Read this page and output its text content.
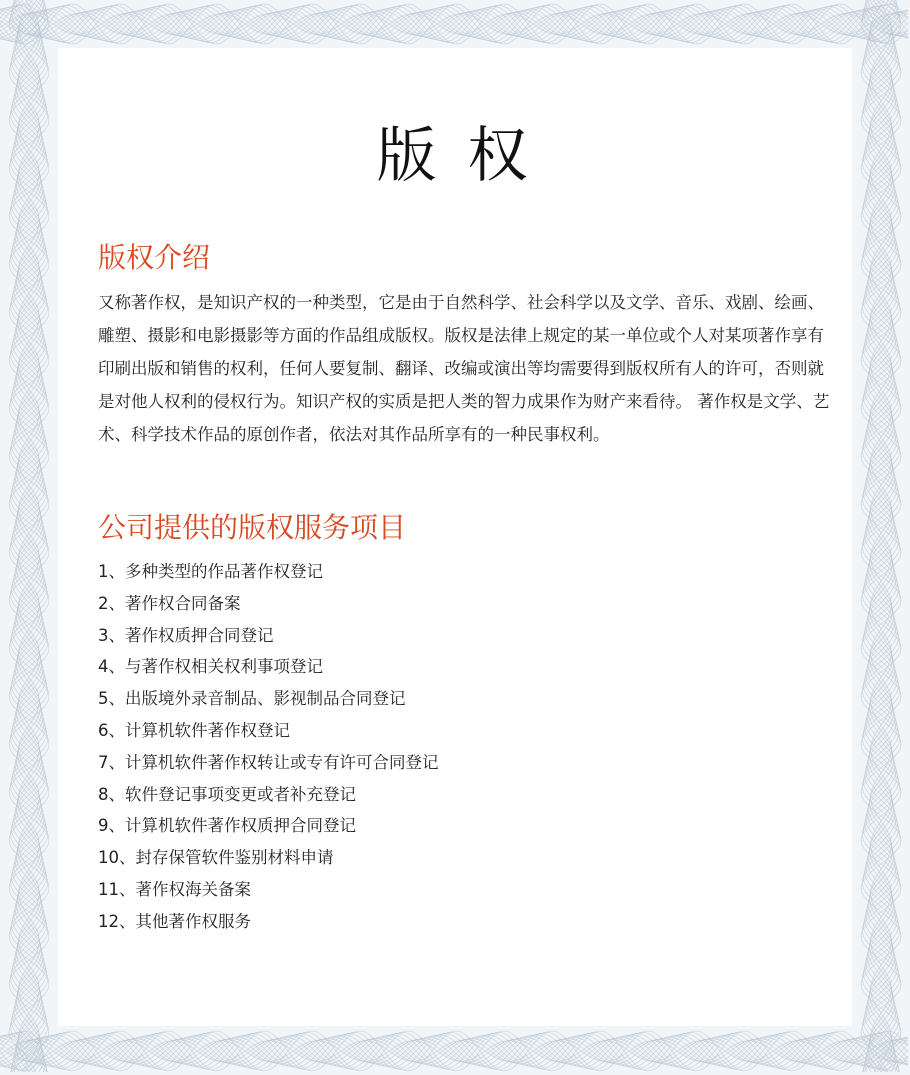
版 权
版权介绍
又称著作权，是知识产权的一种类型，它是由于自然科学、社会科学以及文学、音乐、戏剧、绘画、雕塑、摄影和电影摄影等方面的作品组成版权。版权是法律上规定的某一单位或个人对某项著作享有印刷出版和销售的权利，任何人要复制、翻译、改编或演出等均需要得到版权所有人的许可，否则就是对他人权利的侵权行为。知识产权的实质是把人类的智力成果作为财产来看待。 著作权是文学、艺术、科学技术作品的原创作者，依法对其作品所享有的一种民事权利。
公司提供的版权服务项目
1、多种类型的作品著作权登记
2、著作权合同备案
3、著作权质押合同登记
4、与著作权相关权利事项登记
5、出版境外录音制品、影视制品合同登记
6、计算机软件著作权登记
7、计算机软件著作权转让或专有许可合同登记
8、软件登记事项变更或者补充登记
9、计算机软件著作权质押合同登记
10、封存保管软件鉴别材料申请
11、著作权海关备案
12、其他著作权服务
